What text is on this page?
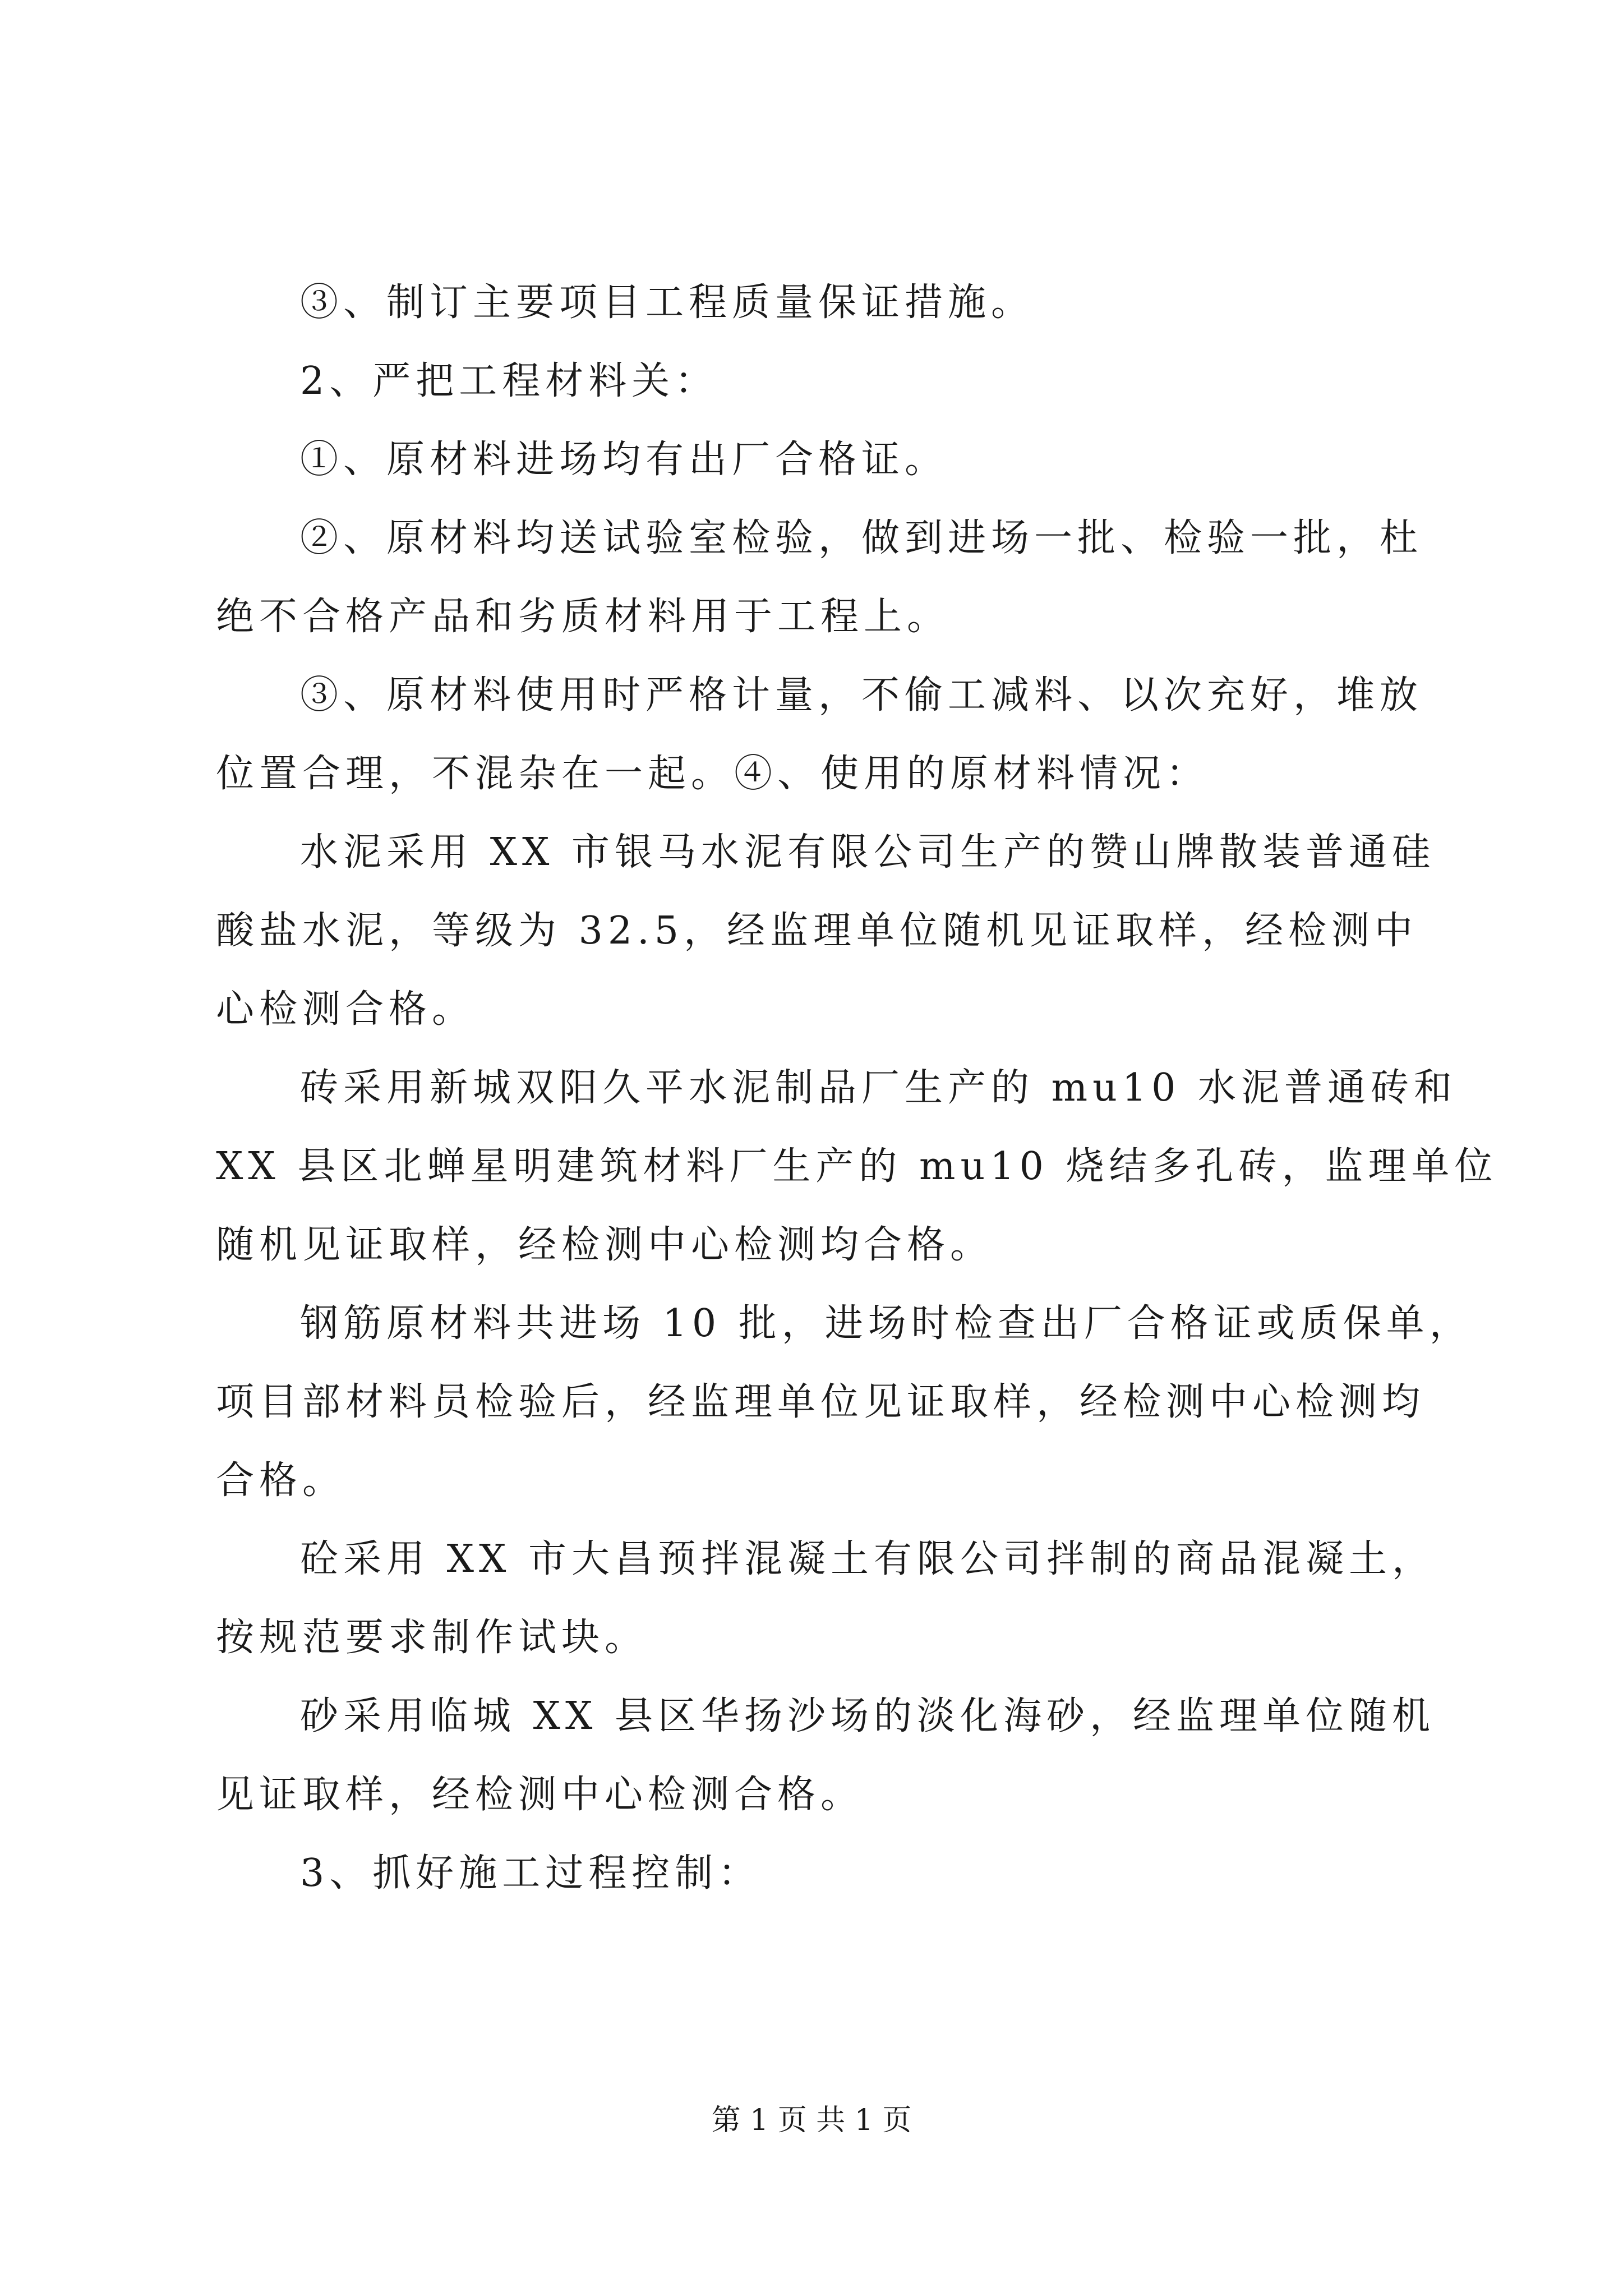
③、制订主要项目工程质量保证措施。
2、严把工程材料关：
①、原材料进场均有出厂合格证。
②、原材料均送试验室检验，做到进场一批、检验一批，杜
绝不合格产品和劣质材料用于工程上。
③、原材料使用时严格计量，不偷工减料、以次充好，堆放
位置合理，不混杂在一起。④、使用的原材料情况：
水泥采用 XX 市银马水泥有限公司生产的赞山牌散装普通硅
酸盐水泥，等级为 32.5，经监理单位随机见证取样，经检测中
心检测合格。
砖采用新城双阳久平水泥制品厂生产的 mu10 水泥普通砖和
XX 县区北蝉星明建筑材料厂生产的 mu10 烧结多孔砖，监理单位
随机见证取样，经检测中心检测均合格。
钢筋原材料共进场 10 批，进场时检查出厂合格证或质保单，
项目部材料员检验后，经监理单位见证取样，经检测中心检测均
合格。
砼采用 XX 市大昌预拌混凝土有限公司拌制的商品混凝土，
按规范要求制作试块。
砂采用临城 XX 县区华扬沙场的淡化海砂，经监理单位随机
见证取样，经检测中心检测合格。
3、抓好施工过程控制：
第 1 页 共 1 页
